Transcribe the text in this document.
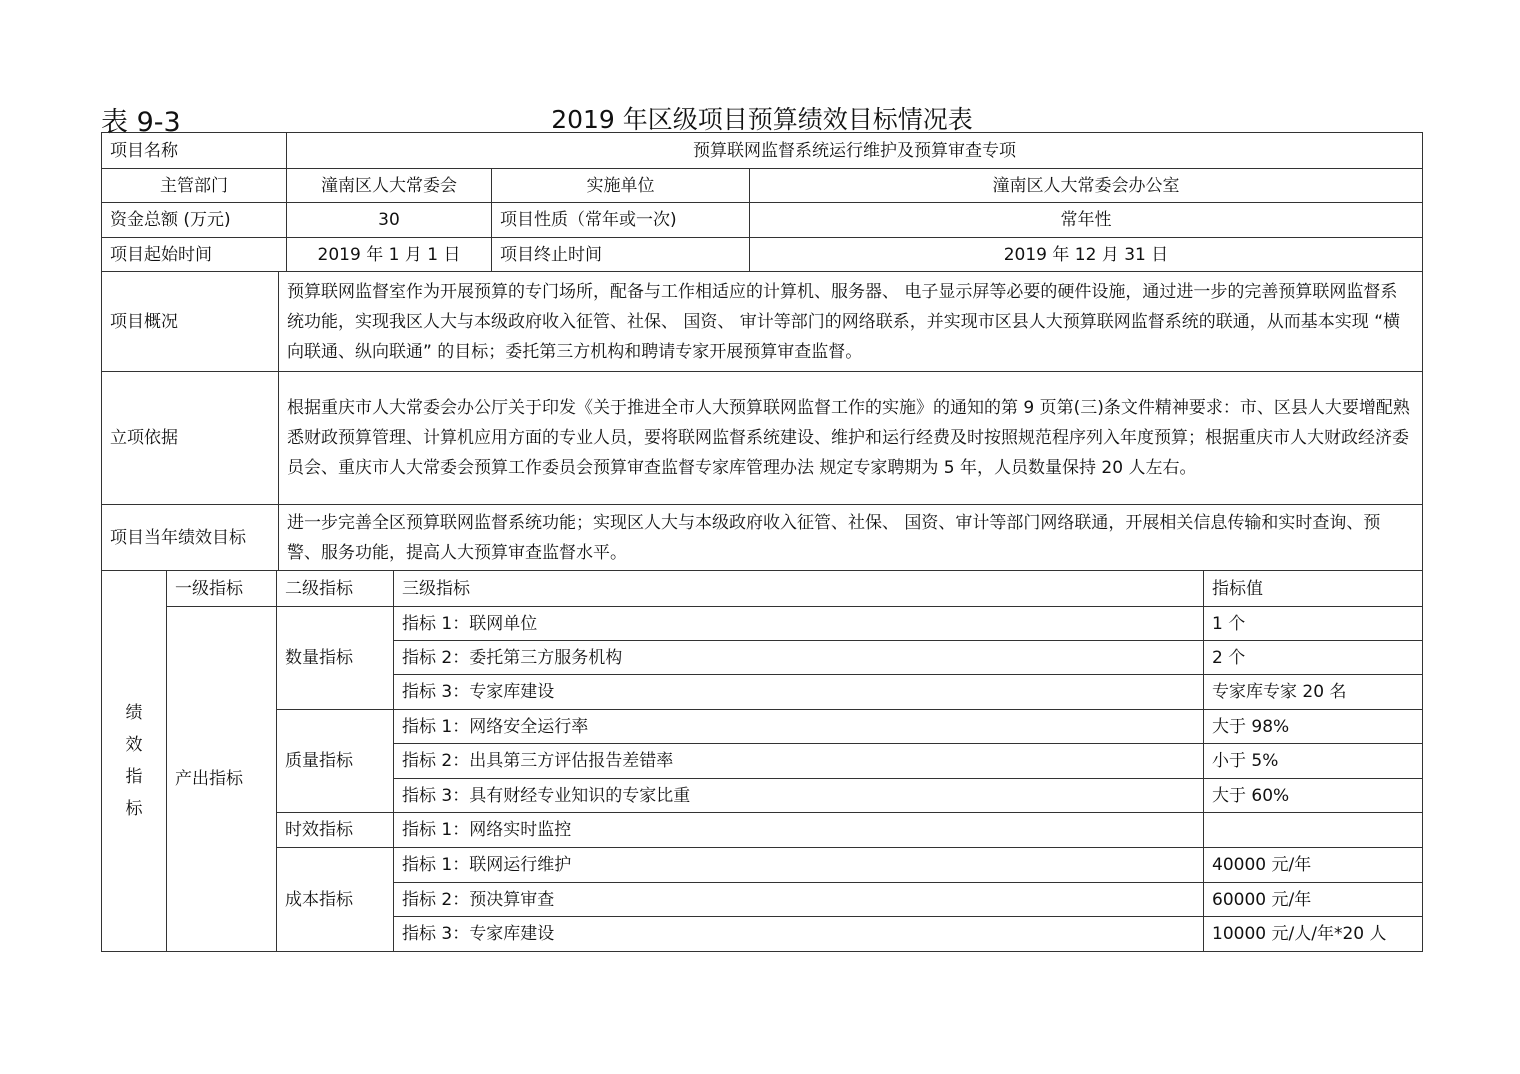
表 9-3	2019 年区级项目预算绩效目标情况表
项目名称	预算联网监督系统运行维护及预算审查专项		
主管部门	潼南区人大常委会	实施单位	潼南区人大常委会办公室
资金总额 (万元)	30	项目性质（常年或一次)	常年性
项目起始时间	2019 年 1 月 1 日	项目终止时间	2019 年 12 月 31 日
项目概况	预算联网监督室作为开展预算的专门场所，配备与工作相适应的计算机、服务器、 电子显示屏等必要的硬件设施，通过进一步的完善预算联网监督系统功能，实现我区人大与本级政府收入征管、社保、 国资、 审计等部门的网络联系，并实现市区县人大预算联网监督系统的联通，从而基本实现 “横向联通、纵向联通” 的目标；委托第三方机构和聘请专家开展预算审查监督。
立项依据	根据重庆市人大常委会办公厅关于印发《关于推进全市人大预算联网监督工作的实施》的通知的第 9 页第(三)条文件精神要求：市、区县人大要增配熟悉财政预算管理、计算机应用方面的专业人员，要将联网监督系统建设、维护和运行经费及时按照规范程序列入年度预算；根据重庆市人大财政经济委员会、重庆市人大常委会预算工作委员会预算审查监督专家库管理办法 规定专家聘期为 5 年，人员数量保持 20 人左右。
项目当年绩效目标	进一步完善全区预算联网监督系统功能；实现区人大与本级政府收入征管、社保、 国资、审计等部门网络联通，开展相关信息传输和实时查询、预警、服务功能，提高人大预算审查监督水平。
绩
效
指
标	一级指标	二级指标	三级指标	指标值
	产出指标	数量指标	指标 1：联网单位	1 个
			指标 2：委托第三方服务机构	2 个
			指标 3：专家库建设	专家库专家 20 名
		质量指标	指标 1：网络安全运行率	大于 98%
			指标 2：出具第三方评估报告差错率	小于 5%
			指标 3：具有财经专业知识的专家比重	大于 60%
		时效指标	指标 1：网络实时监控	
		成本指标	指标 1：联网运行维护	40000 元/年
			指标 2：预决算审查	60000 元/年
			指标 3：专家库建设	10000 元/人/年*20 人
